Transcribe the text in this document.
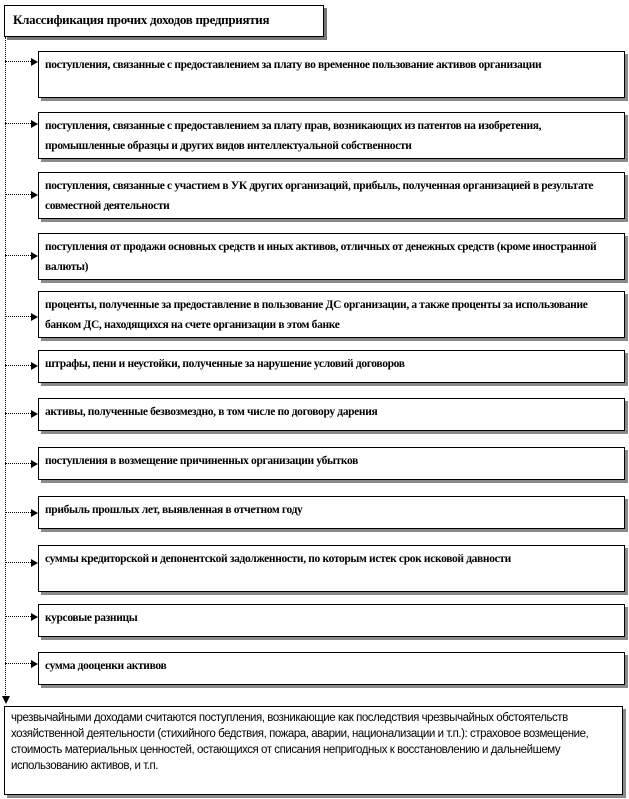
Классификация прочих доходов предприятия
поступления, связанные с предоставлением за плату во временное пользование активов организации
поступления, связанные с предоставлением за плату прав, возникающих из патентов на изобретения, промышленные образцы и других видов интеллектуальной собственности
поступления, связанные с участием в УК других организаций, прибыль, полученная организацией в результате совместной деятельности
поступления от продажи основных средств и иных активов, отличных от денежных средств (кроме иностранной валюты)
проценты, полученные за предоставление в пользование ДС организации, а также проценты за использование банком ДС, находящихся на счете организации в этом банке
штрафы, пени и неустойки, полученные за нарушение условий договоров
активы, полученные безвозмездно, в том числе по договору дарения
поступления в возмещение причиненных организации убытков
прибыль прошлых лет, выявленная в отчетном году
суммы кредиторской и депонентской задолженности, по которым истек срок исковой давности
курсовые разницы
сумма дооценки активов
чрезвычайными доходами считаются поступления, возникающие как последствия чрезвычайных обстоятельств хозяйственной деятельности (стихийного бедствия, пожара, аварии, национализации и т.п.): страховое возмещение, стоимость материальных ценностей, остающихся от списания непригодных к восстановлению и дальнейшему использованию активов, и т.п.
